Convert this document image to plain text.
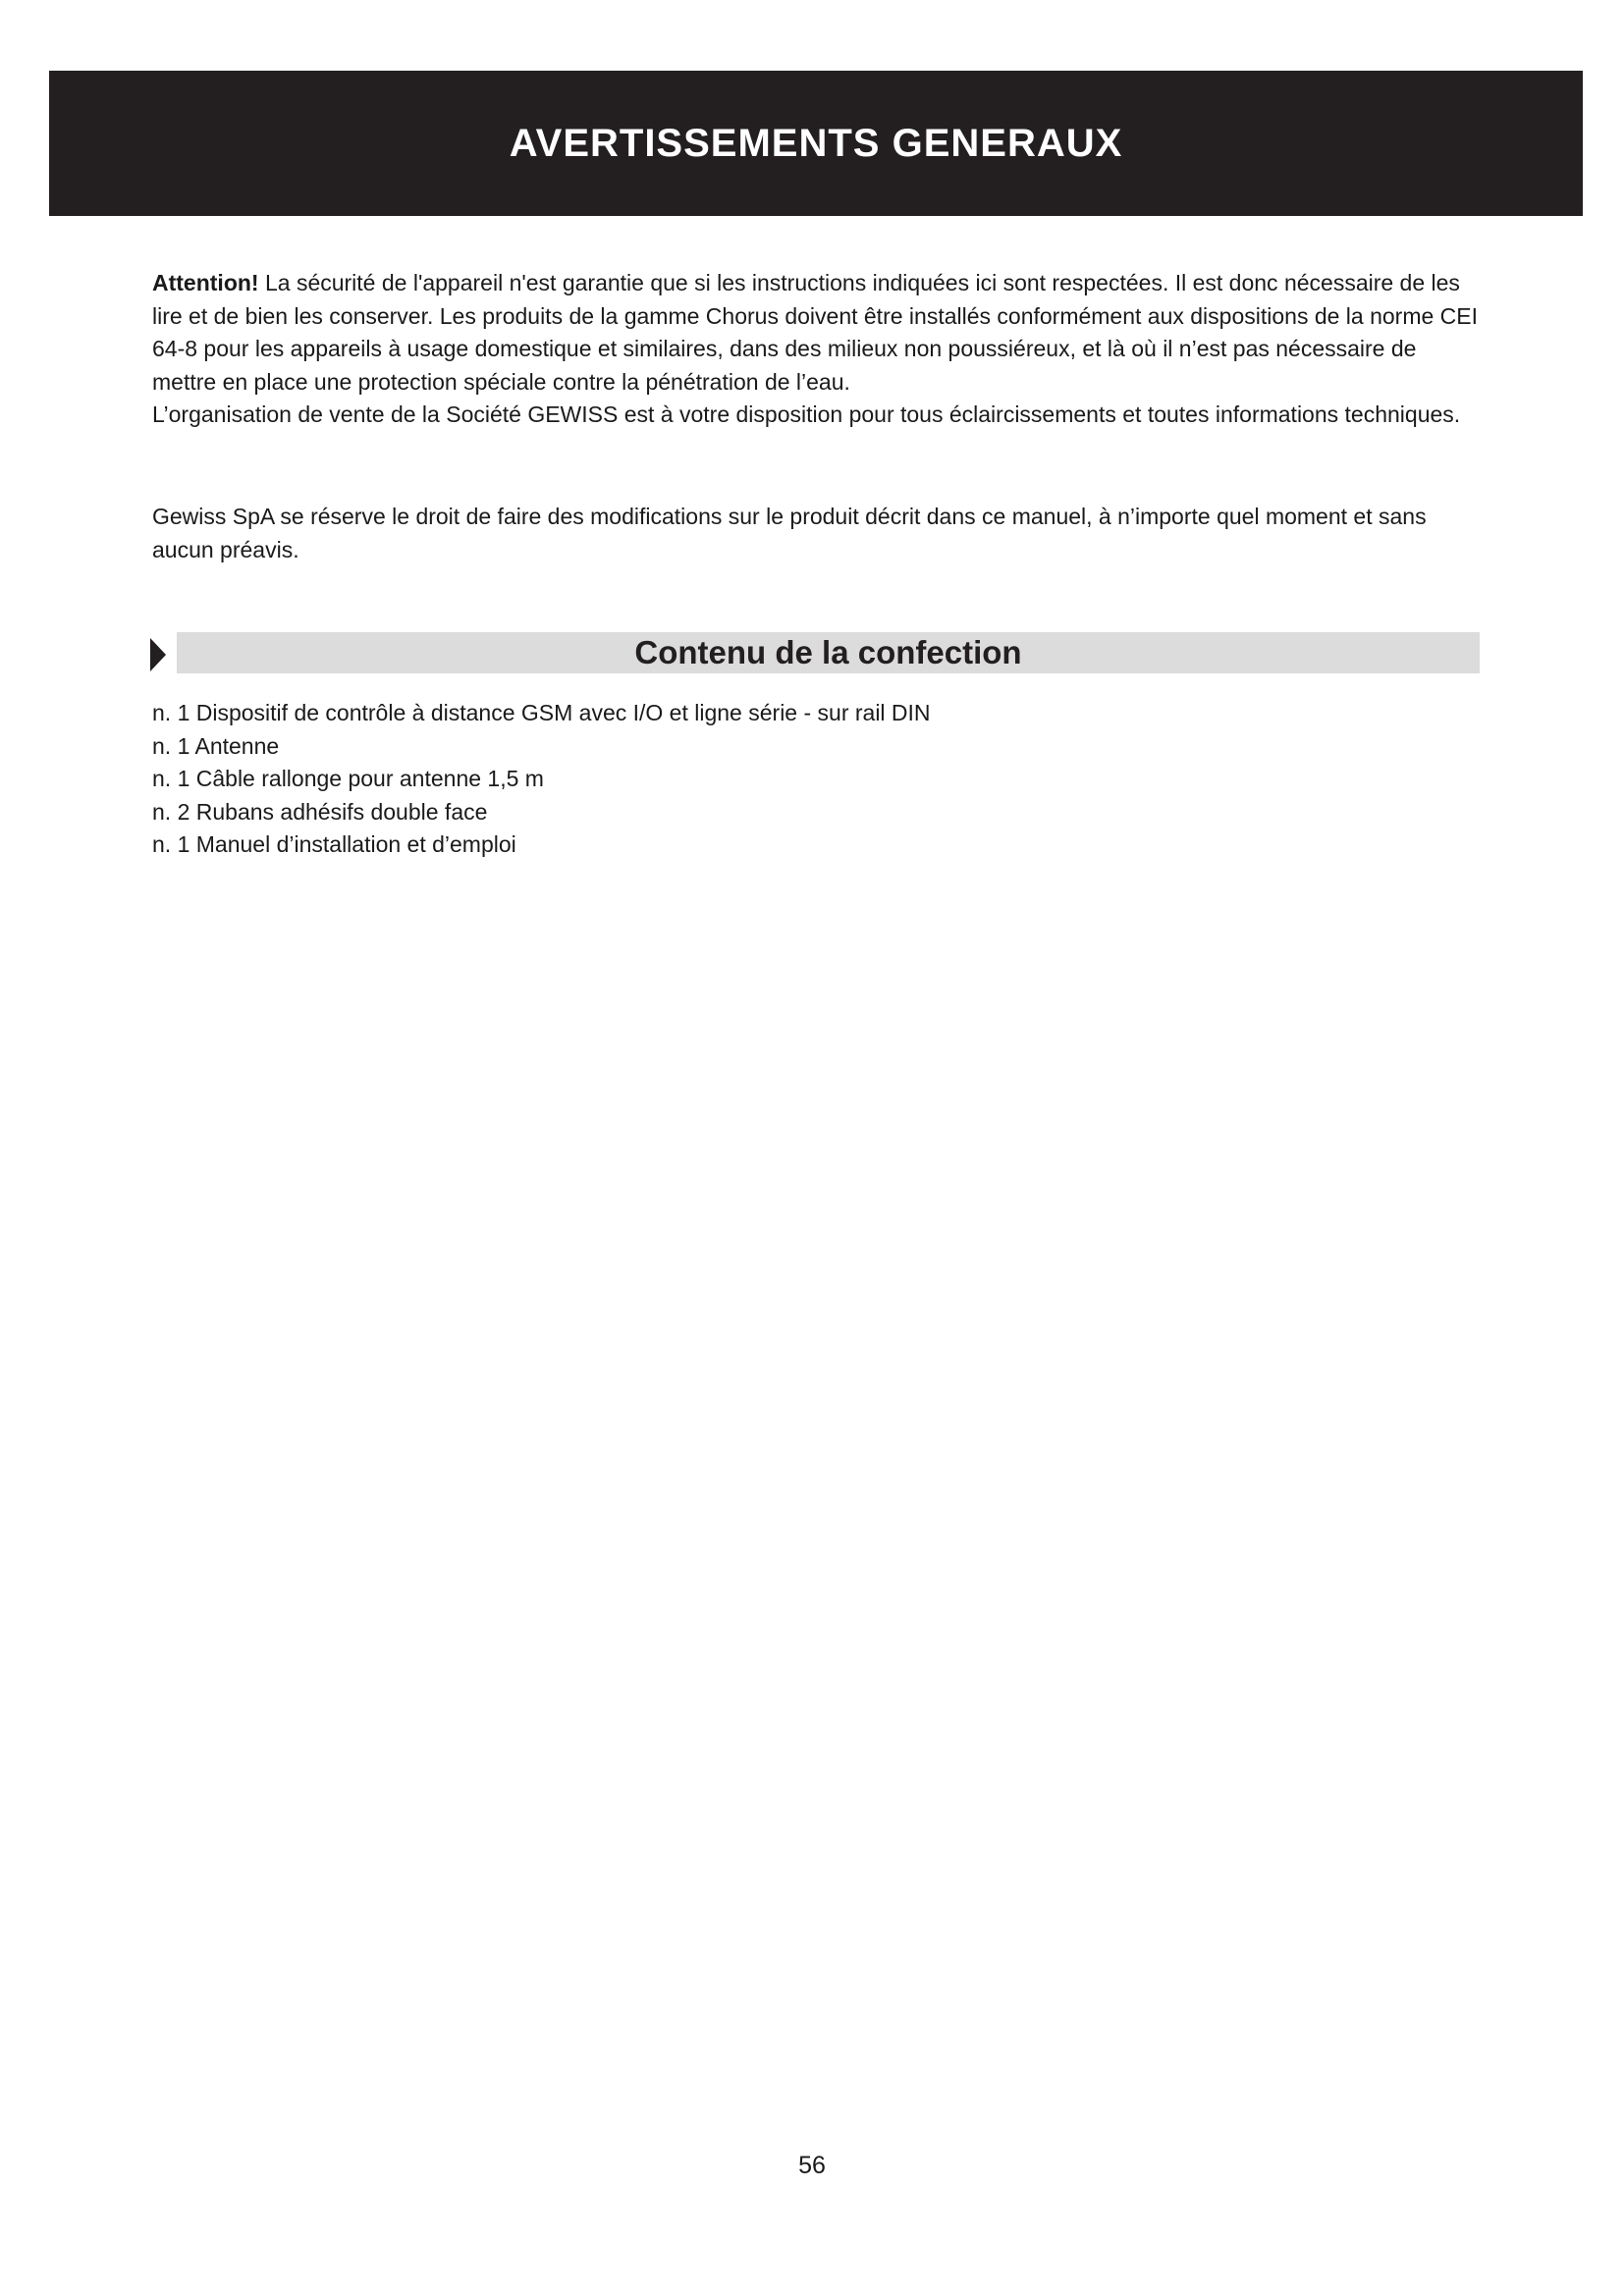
AVERTISSEMENTS GENERAUX

Attention! La sécurité de l'appareil n'est garantie que si les instructions indiquées ici sont respectées. Il est donc nécessaire de les lire et de bien les conserver. Les produits de la gamme Chorus doivent être installés conformément aux dispositions de la norme CEI 64-8 pour les appareils à usage domestique et similaires, dans des milieux non poussiéreux, et là où il n’est pas nécessaire de mettre en place une protection spéciale contre la pénétration de l’eau.

L’organisation de vente de la Société GEWISS est à votre disposition pour tous éclaircissements et toutes informations techniques.

Gewiss SpA se réserve le droit de faire des modifications sur le produit décrit dans ce manuel, à n’importe quel moment et sans aucun préavis.

Contenu de la confection
n. 1 Dispositif de contrôle à distance GSM avec I/O et ligne série - sur rail DIN
n. 1 Antenne
n. 1 Câble rallonge pour antenne 1,5 m
n. 2 Rubans adhésifs double face
n. 1 Manuel d’installation et d’emploi
56
